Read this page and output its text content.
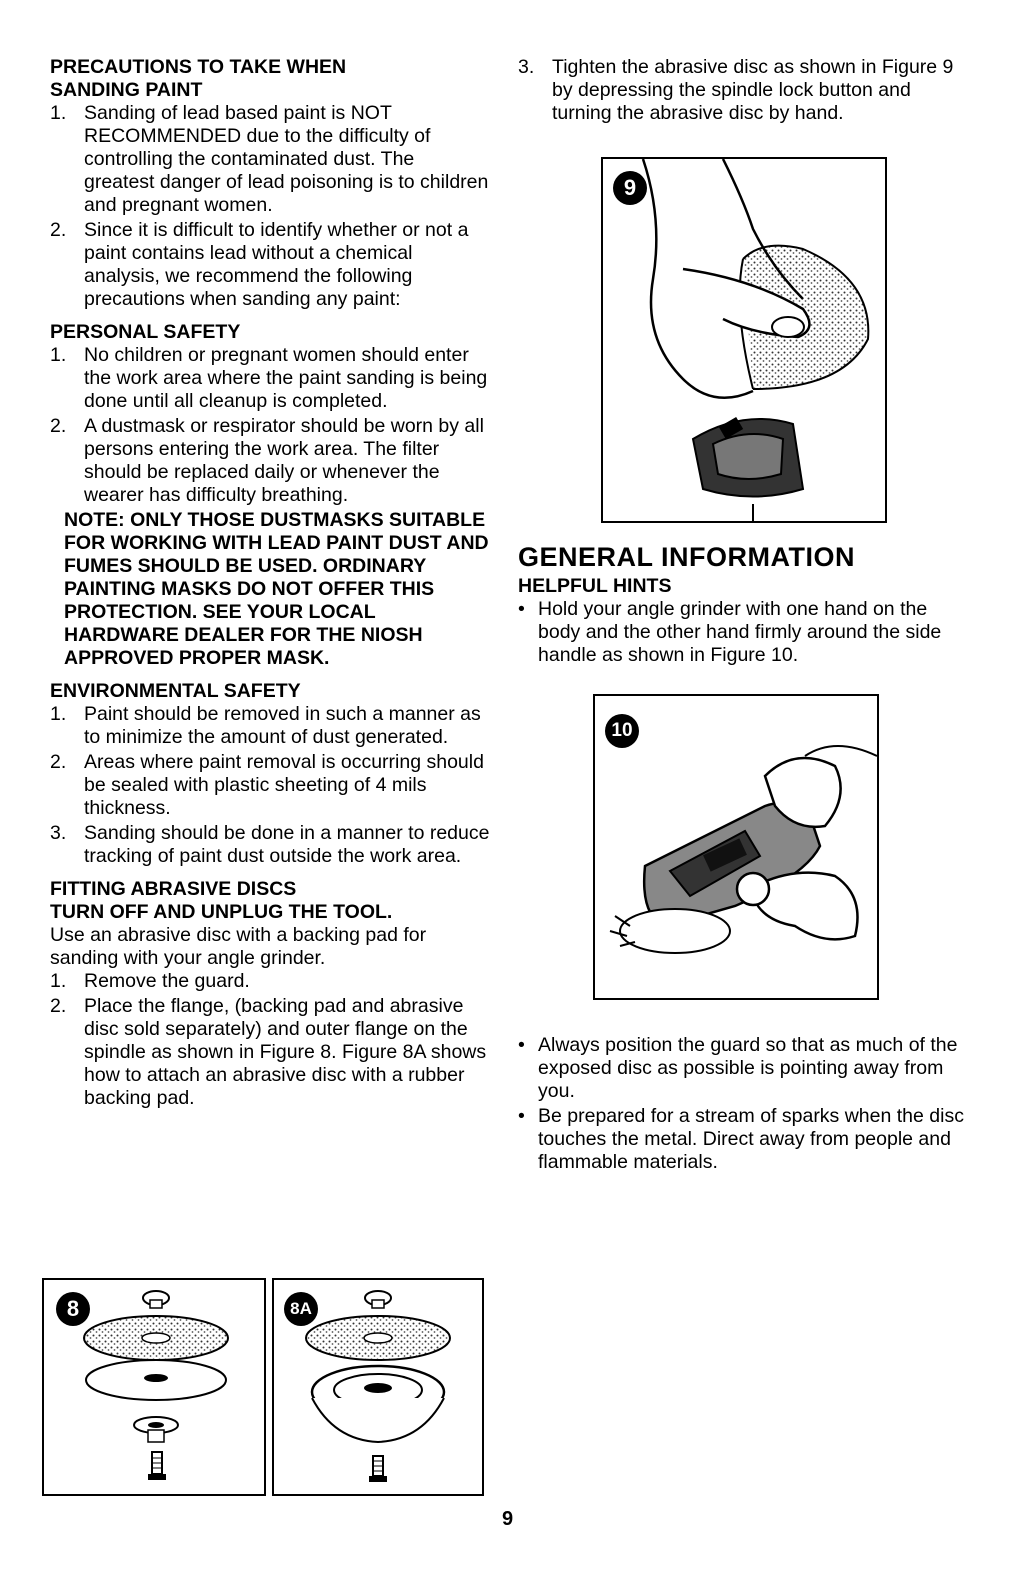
PRECAUTIONS TO TAKE WHEN
SANDING PAINT
1. Sanding of lead based paint is NOT RECOMMENDED due to the difficulty of controlling the contaminated dust. The greatest danger of lead poisoning is to children and pregnant women.
2. Since it is difficult to identify whether or not a paint contains lead without a chemical analysis, we recommend the following precautions when sanding any paint:
PERSONAL SAFETY
1. No children or pregnant women should enter the work area where the paint sanding is being done until all cleanup is completed.
2. A dustmask or respirator should be worn by all persons entering the work area. The filter should be replaced daily or whenever the wearer has difficulty breathing.
NOTE: ONLY THOSE DUSTMASKS SUITABLE FOR WORKING WITH LEAD PAINT DUST AND FUMES SHOULD BE USED. ORDINARY PAINTING MASKS DO NOT OFFER THIS PROTECTION. SEE YOUR LOCAL HARDWARE DEALER FOR THE NIOSH APPROVED PROPER MASK.
ENVIRONMENTAL SAFETY
1. Paint should be removed in such a manner as to minimize the amount of dust generated.
2. Areas where paint removal is occurring should be sealed with plastic sheeting of 4 mils thickness.
3. Sanding should be done in a manner to reduce tracking of paint dust outside the work area.
FITTING ABRASIVE DISCS
TURN OFF AND UNPLUG THE TOOL.
Use an abrasive disc with a backing pad for sanding with your angle grinder.
1. Remove the guard.
2. Place the flange, (backing pad and abrasive disc sold separately) and outer flange on the spindle as shown in Figure 8. Figure 8A shows how to attach an abrasive disc with a rubber backing pad.
8	8A
3. Tighten the abrasive disc as shown in Figure 9 by depressing the spindle lock button and turning the abrasive disc by hand.
9
GENERAL INFORMATION
HELPFUL HINTS
• Hold your angle grinder with one hand on the body and the other hand firmly around the side handle as shown in Figure 10.
10
• Always position the guard so that as much of the exposed disc as possible is pointing away from you.
• Be prepared for a stream of sparks when the disc touches the metal. Direct away from people and flammable materials.
9
